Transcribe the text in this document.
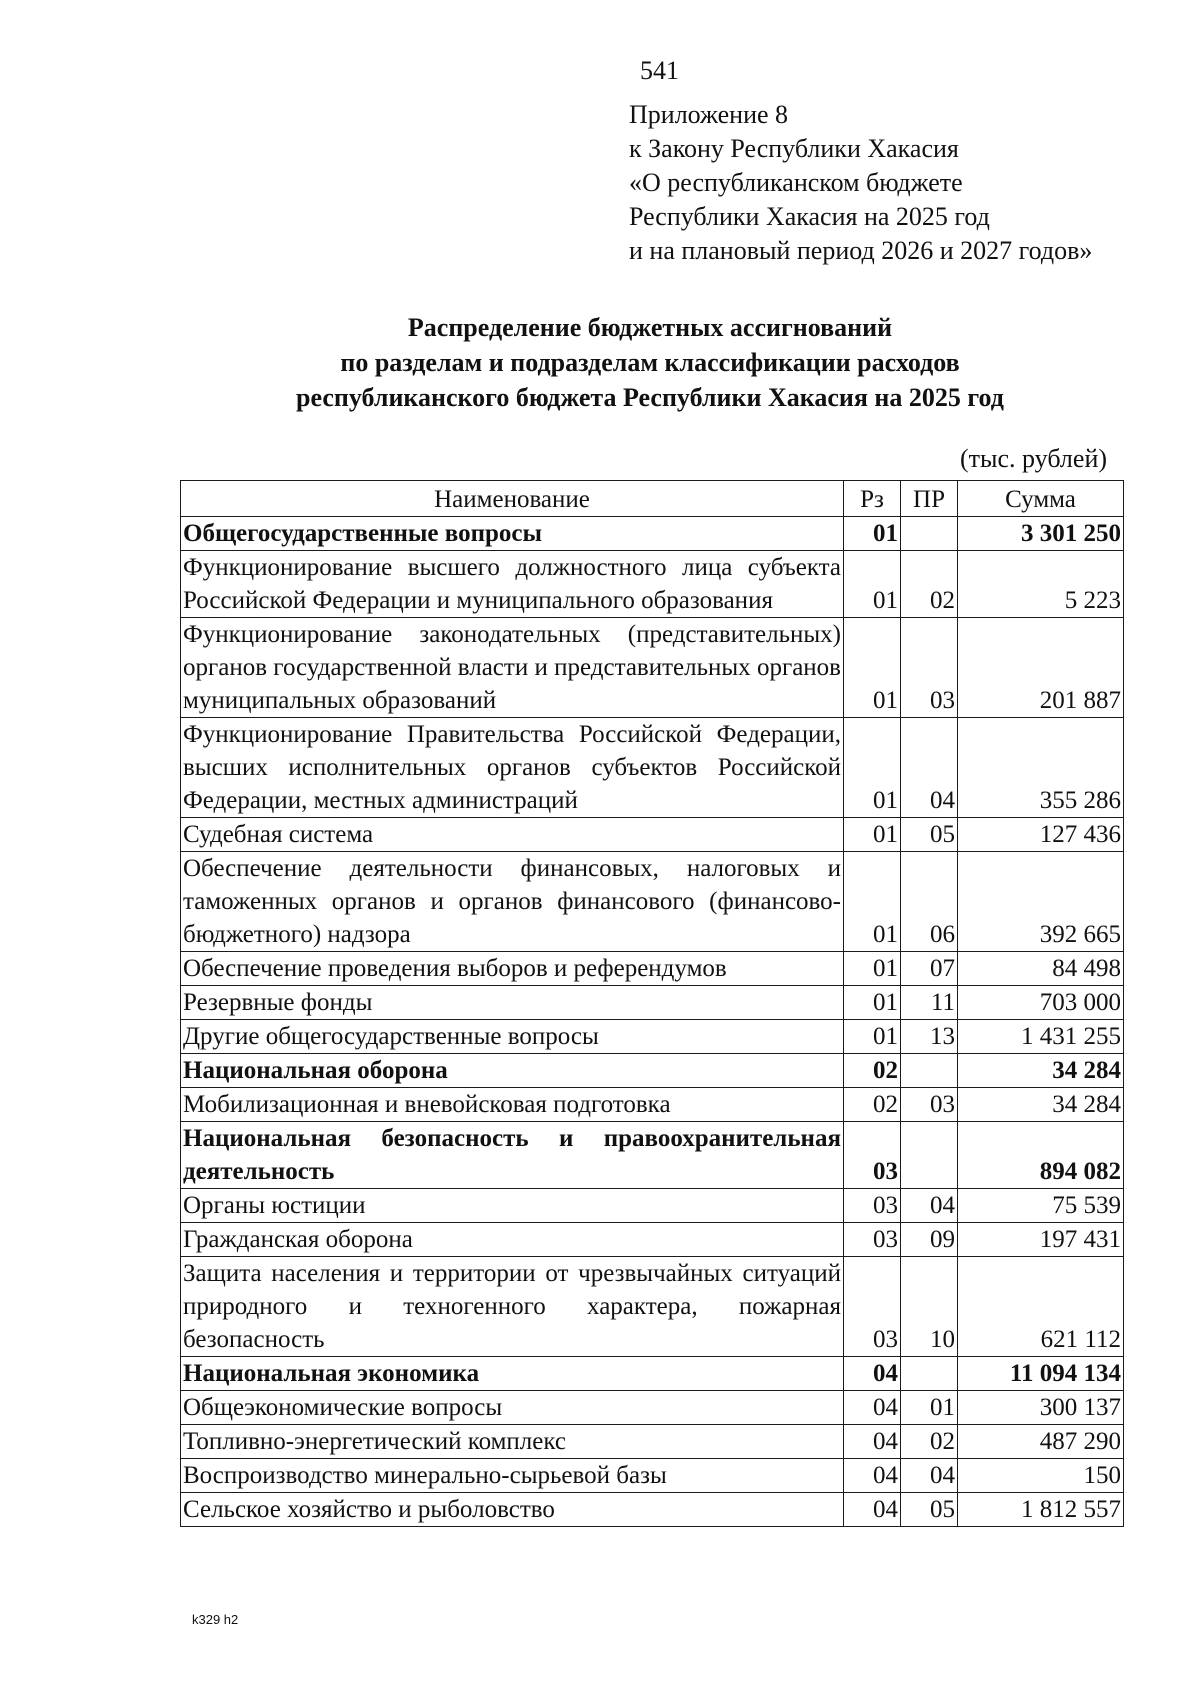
541
Приложение 8
к Закону Республики Хакасия
«О республиканском бюджете
Республики Хакасия на 2025 год
и на плановый период 2026 и 2027 годов»
Распределение бюджетных ассигнований
по разделам и подразделам классификации расходов
республиканского бюджета Республики Хакасия на 2025 год
(тыс. рублей)
Наименование	Рз	ПР	Сумма
Общегосударственные вопросы	01		3 301 250
Функционирование высшего должностного лица субъекта Российской Федерации и муниципального образования	01	02	5 223
Функционирование законодательных (представительных) органов государственной власти и представительных органов муниципальных образований	01	03	201 887
Функционирование Правительства Российской Федерации, высших исполнительных органов субъектов Российской Федерации, местных администраций	01	04	355 286
Судебная система	01	05	127 436
Обеспечение деятельности финансовых, налоговых и таможенных органов и органов финансового (финансово-бюджетного) надзора	01	06	392 665
Обеспечение проведения выборов и референдумов	01	07	84 498
Резервные фонды	01	11	703 000
Другие общегосударственные вопросы	01	13	1 431 255
Национальная оборона	02		34 284
Мобилизационная и вневойсковая подготовка	02	03	34 284
Национальная безопасность и правоохранительная деятельность	03		894 082
Органы юстиции	03	04	75 539
Гражданская оборона	03	09	197 431
Защита населения и территории от чрезвычайных ситуаций природного и техногенного характера, пожарная безопасность	03	10	621 112
Национальная экономика	04		11 094 134
Общеэкономические вопросы	04	01	300 137
Топливно-энергетический комплекс	04	02	487 290
Воспроизводство минерально-сырьевой базы	04	04	150
Сельское хозяйство и рыболовство	04	05	1 812 557
k329 h2
